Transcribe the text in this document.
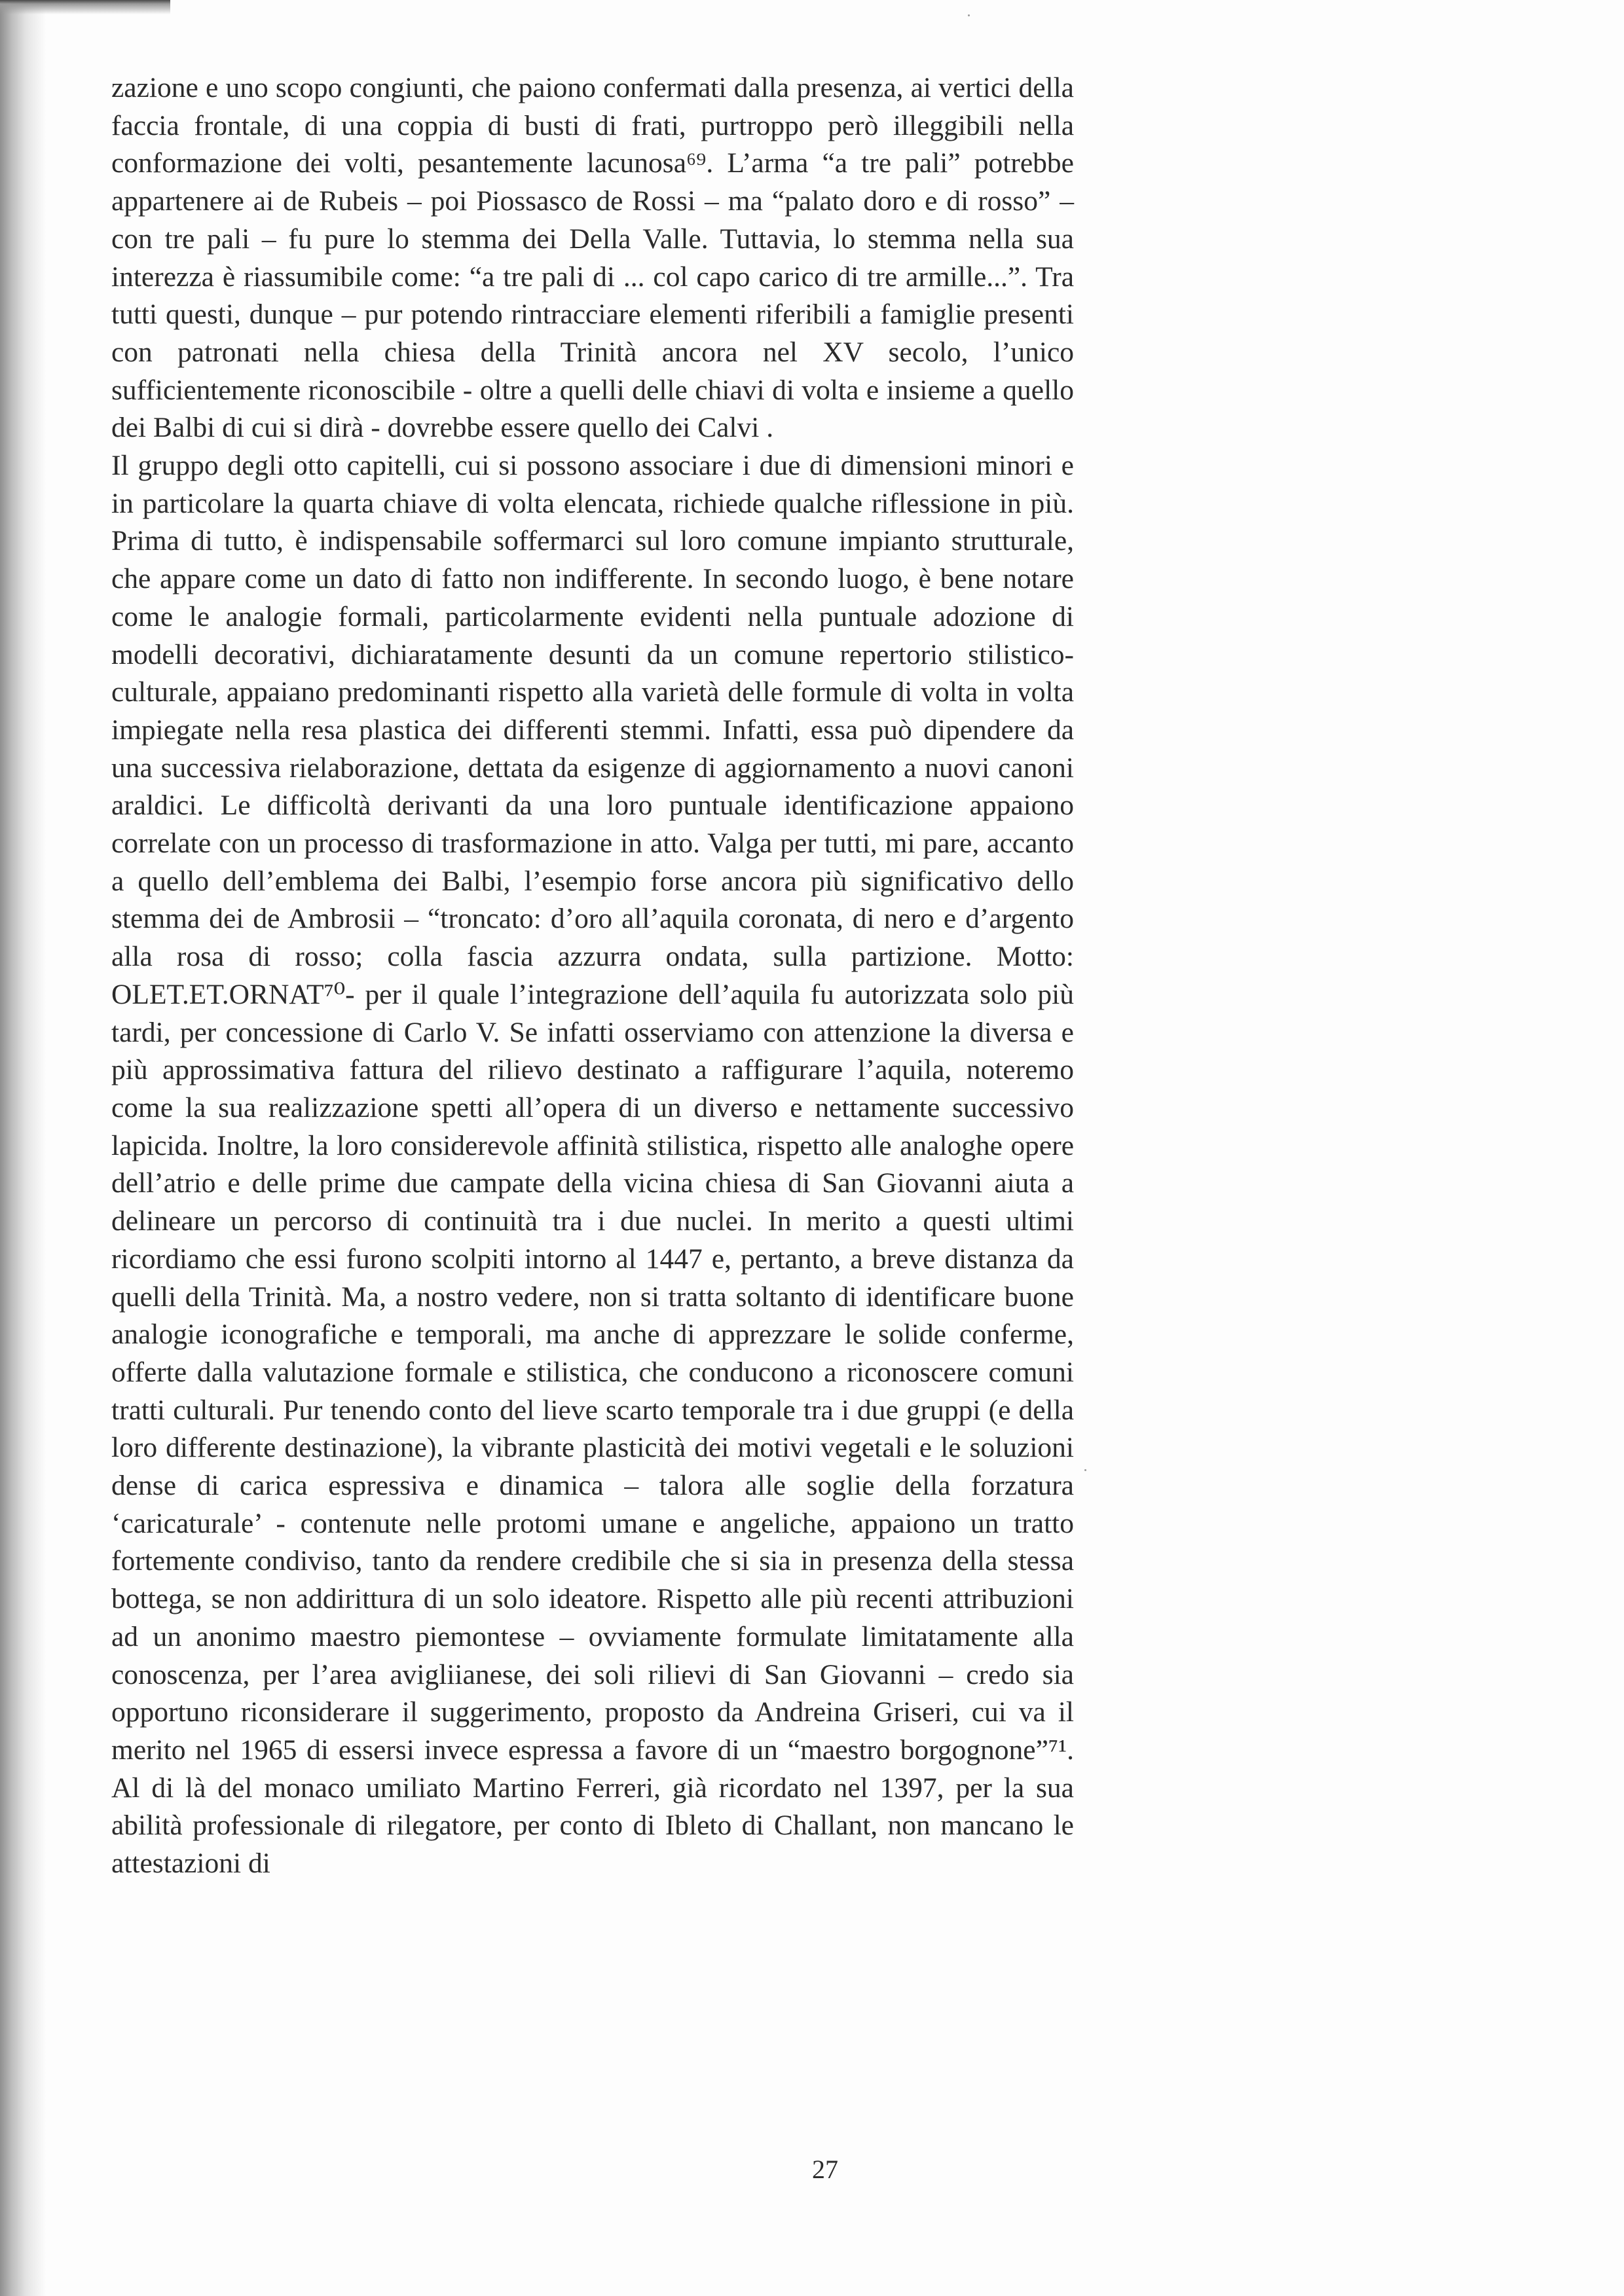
zazione e uno scopo congiunti, che paiono confermati dalla presenza, ai vertici della faccia frontale, di una coppia di busti di frati, purtroppo però illeggibili nella conformazione dei volti, pesantemente lacunosa⁶⁹. L’arma “a tre pali” potrebbe appartenere ai de Rubeis – poi Piossasco de Rossi – ma “palato doro e di rosso” – con tre pali – fu pure lo stemma dei Della Valle. Tuttavia, lo stemma nella sua interezza è riassumibile come: “a tre pali di ... col capo carico di tre armille...”. Tra tutti questi, dunque – pur potendo rintracciare elementi riferibili a famiglie presenti con patronati nella chiesa della Trinità ancora nel XV secolo, l’unico sufficientemente riconoscibile - oltre a quelli delle chiavi di volta e insieme a quello dei Balbi di cui si dirà - dovrebbe essere quello dei Calvi .

Il gruppo degli otto capitelli, cui si possono associare i due di dimensioni minori e in particolare la quarta chiave di volta elencata, richiede qualche riflessione in più. Prima di tutto, è indispensabile soffermarci sul loro comune impianto strutturale, che appare come un dato di fatto non indifferente. In secondo luogo, è bene notare come le analogie formali, particolarmente evidenti nella puntuale adozione di modelli decorativi, dichiaratamente desunti da un comune repertorio stilistico-culturale, appaiano predominanti rispetto alla varietà delle formule di volta in volta impiegate nella resa plastica dei differenti stemmi. Infatti, essa può dipendere da una successiva rielaborazione, dettata da esigenze di aggiornamento a nuovi canoni araldici. Le difficoltà derivanti da una loro puntuale identificazione appaiono correlate con un processo di trasformazione in atto. Valga per tutti, mi pare, accanto a quello dell’emblema dei Balbi, l’esempio forse ancora più significativo dello stemma dei de Ambrosii – “troncato: d’oro all’aquila coronata, di nero e d’argento alla rosa di rosso; colla fascia azzurra ondata, sulla partizione. Motto: OLET.ET.ORNAT⁷⁰- per il quale l’integrazione dell’aquila fu autorizzata solo più tardi, per concessione di Carlo V. Se infatti osserviamo con attenzione la diversa e più approssimativa fattura del rilievo destinato a raffigurare l’aquila, noteremo come la sua realizzazione spetti all’opera di un diverso e nettamente successivo lapicida. Inoltre, la loro considerevole affinità stilistica, rispetto alle analoghe opere dell’atrio e delle prime due campate della vicina chiesa di San Giovanni aiuta a delineare un percorso di continuità tra i due nuclei. In merito a questi ultimi ricordiamo che essi furono scolpiti intorno al 1447 e, pertanto, a breve distanza da quelli della Trinità. Ma, a nostro vedere, non si tratta soltanto di identificare buone analogie iconografiche e temporali, ma anche di apprezzare le solide conferme, offerte dalla valutazione formale e stilistica, che conducono a riconoscere comuni tratti culturali. Pur tenendo conto del lieve scarto temporale tra i due gruppi (e della loro differente destinazione), la vibrante plasticità dei motivi vegetali e le soluzioni dense di carica espressiva e dinamica – talora alle soglie della forzatura ‘caricaturale’ - contenute nelle protomi umane e angeliche, appaiono un tratto fortemente condiviso, tanto da rendere credibile che si sia in presenza della stessa bottega, se non addirittura di un solo ideatore. Rispetto alle più recenti attribuzioni ad un anonimo maestro piemontese – ovviamente formulate limitatamente alla conoscenza, per l’area avigliianese, dei soli rilievi di San Giovanni – credo sia opportuno riconsiderare il suggerimento, proposto da Andreina Griseri, cui va il merito nel 1965 di essersi invece espressa a favore di un “maestro borgognone”⁷¹. Al di là del monaco umiliato Martino Ferreri, già ricordato nel 1397, per la sua abilità professionale di rilegatore, per conto di Ibleto di Challant, non mancano le attestazioni di

27
